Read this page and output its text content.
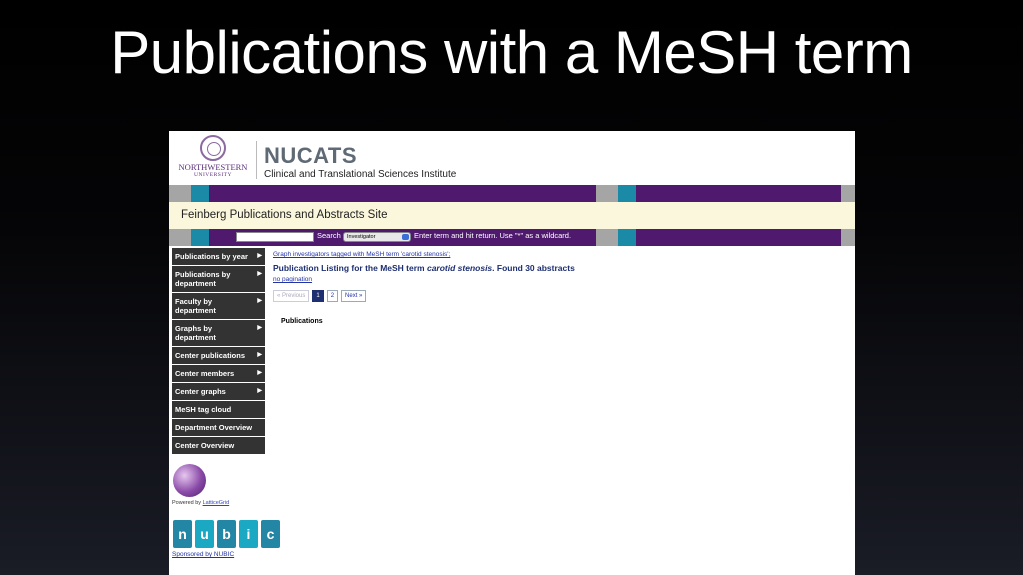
Publications with a MeSH term
NORTHWESTERN
UNIVERSITY
NUCATS
Clinical and Translational Sciences Institute
Feinberg Publications and Abstracts Site
Search	Investigator	Enter term and hit return. Use "*" as a wildcard.
Publications by year ▶
Publications by department
▶
Faculty by department
▶
Graphs by department
▶
Center publications ▶
Center members	▶
Center graphs	▶
MeSH tag cloud
Department Overview
Center Overview
Powered by LatticeGrid
n u b	i	c
Sponsored by NUBIC
Graph investigators tagged with MeSH term 'carotid stenosis';
Publication Listing for the MeSH term carotid stenosis. Found 30 abstracts
no pagination
« Previous	1	2	Next »
Publications
